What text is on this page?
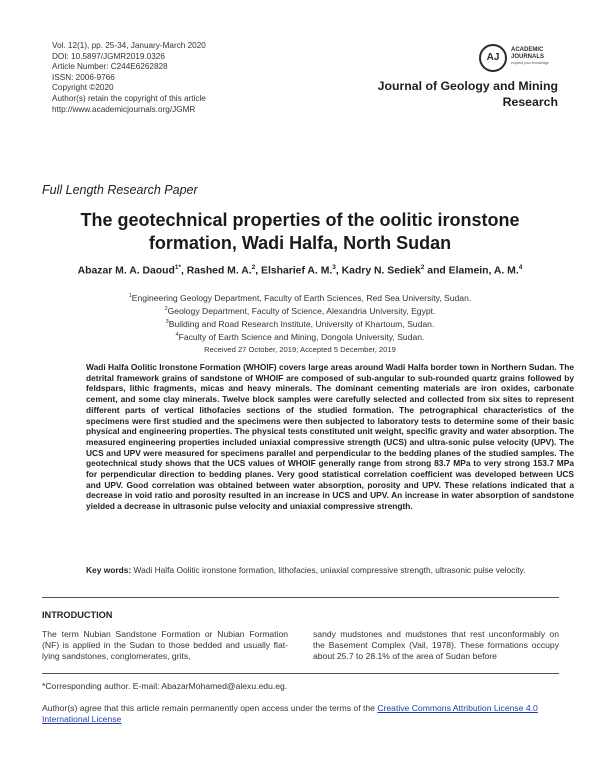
Vol. 12(1), pp. 25-34, January-March 2020
DOI: 10.5897/JGMR2019.0326
Article Number: C244E6262828
ISSN: 2006-9766
Copyright ©2020
Author(s) retain the copyright of this article
http://www.academicjournals.org/JGMR
AJ
ACADEMIC
JOURNALS
expand your knowledge
Journal of Geology and Mining
Research
Full Length Research Paper
The geotechnical properties of the oolitic ironstone
formation, Wadi Halfa, North Sudan
Abazar M. A. Daoud$^{1*}$, Rashed M. A.$^2$, Elsharief A. M.$^3$, Kadry N. Sediek$^2$ and Elamein, A. M.$^4$
$^1$Engineering Geology Department, Faculty of Earth Sciences, Red Sea University, Sudan.
$^2$Geology Department, Faculty of Science, Alexandria University, Egypt.
$^3$Building and Road Research Institute, University of Khartoum, Sudan.
$^4$Faculty of Earth Science and Mining, Dongola University, Sudan.
Received 27 October, 2019; Accepted 5 December, 2019
Wadi Halfa Oolitic Ironstone Formation (WHOIF) covers large areas around Wadi Halfa border town in Northern Sudan. The detrital framework grains of sandstone of WHOIF are composed of sub-angular to sub-rounded quartz grains followed by feldspars, lithic fragments, micas and heavy minerals. The dominant cementing materials are iron oxides, carbonate cement, and some clay minerals. Twelve block samples were carefully selected and collected from six sites to represent different parts of vertical lithofacies sections of the studied formation. The petrographical characteristics of the specimens were first studied and the specimens were then subjected to laboratory tests to determine some of their basic physical and engineering properties. The physical tests constituted unit weight, specific gravity and water absorption. The measured engineering properties included uniaxial compressive strength (UCS) and ultra-sonic pulse velocity (UPV). The UCS and UPV were measured for specimens parallel and perpendicular to the bedding planes of the studied samples. The geotechnical study shows that the UCS values of WHOIF generally range from strong 83.7 MPa to very strong 153.7 MPa for perpendicular direction to bedding planes. Very good statistical correlation coefficient was developed between UCS and UPV. Good correlation was obtained between water absorption, porosity and UPV. These relations indicated that a decrease in void ratio and porosity resulted in an increase in UCS and UPV. An increase in water absorption of sandstone yielded a decrease in ultrasonic pulse velocity and uniaxial compressive strength.
Key words: Wadi Halfa Oolitic ironstone formation, lithofacies, uniaxial compressive strength, ultrasonic pulse velocity.
INTRODUCTION
The term Nubian Sandstone Formation or Nubian Formation (NF) is applied in the Sudan to those bedded and usually flat-lying sandstones, conglomerates, grits,
sandy mudstones and mudstones that rest unconformably on the Basement Complex (Vail, 1978). These formations occupy about 25.7 to 28.1% of the area of Sudan before
*Corresponding author. E-mail: AbazarMohamed@alexu.edu.eg.
Author(s) agree that this article remain permanently open access under the terms of the Creative Commons Attribution License 4.0 International License
